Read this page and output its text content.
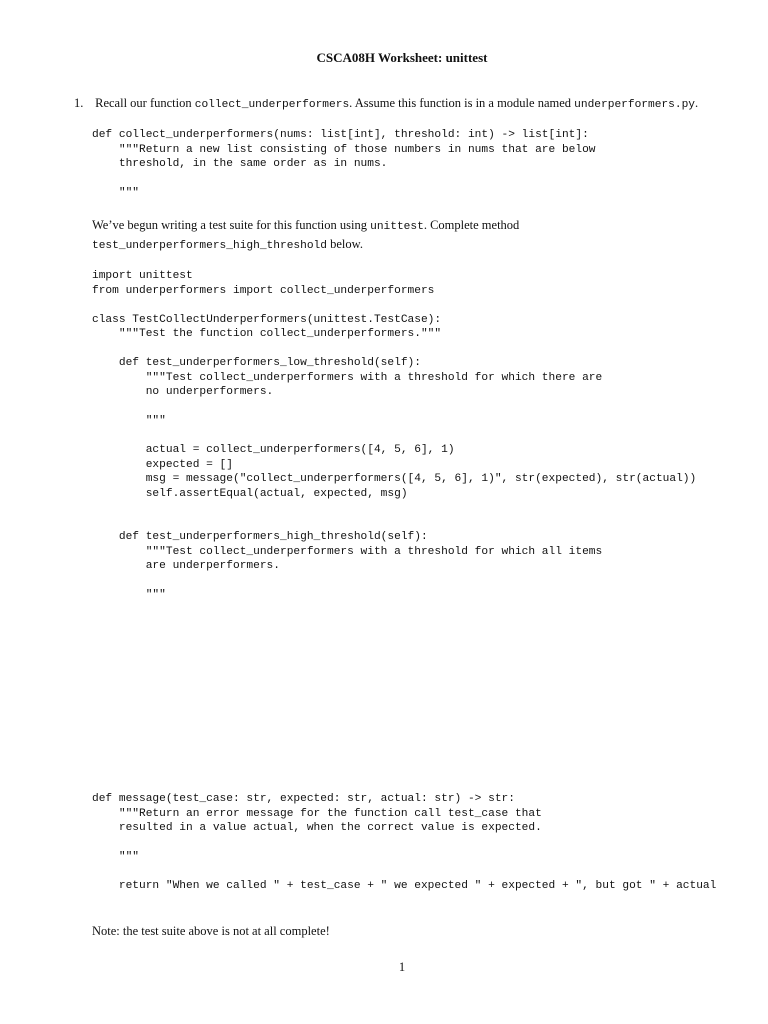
CSCA08H Worksheet: unittest
1. Recall our function collect_underperformers. Assume this function is in a module named underperformers.py.
def collect_underperformers(nums: list[int], threshold: int) -> list[int]:
"""Return a new list consisting of those numbers in nums that are below
threshold, in the same order as in nums.
"""
We’ve begun writing a test suite for this function using unittest. Complete method
test_underperformers_high_threshold below.
import unittest
from underperformers import collect_underperformers
class TestCollectUnderperformers(unittest.TestCase):
"""Test the function collect_underperformers."""
def test_underperformers_low_threshold(self):
"""Test collect_underperformers with a threshold for which there are
no underperformers.
"""
actual = collect_underperformers([4, 5, 6], 1)
expected = []
msg = message("collect_underperformers([4, 5, 6], 1)", str(expected), str(actual))
self.assertEqual(actual, expected, msg)
def test_underperformers_high_threshold(self):
"""Test collect_underperformers with a threshold for which all items
are underperformers.
"""
def message(test_case: str, expected: str, actual: str) -> str:
"""Return an error message for the function call test_case that
resulted in a value actual, when the correct value is expected.
"""
return "When we called " + test_case + " we expected " + expected + ", but got " + actual
Note: the test suite above is not at all complete!
1
